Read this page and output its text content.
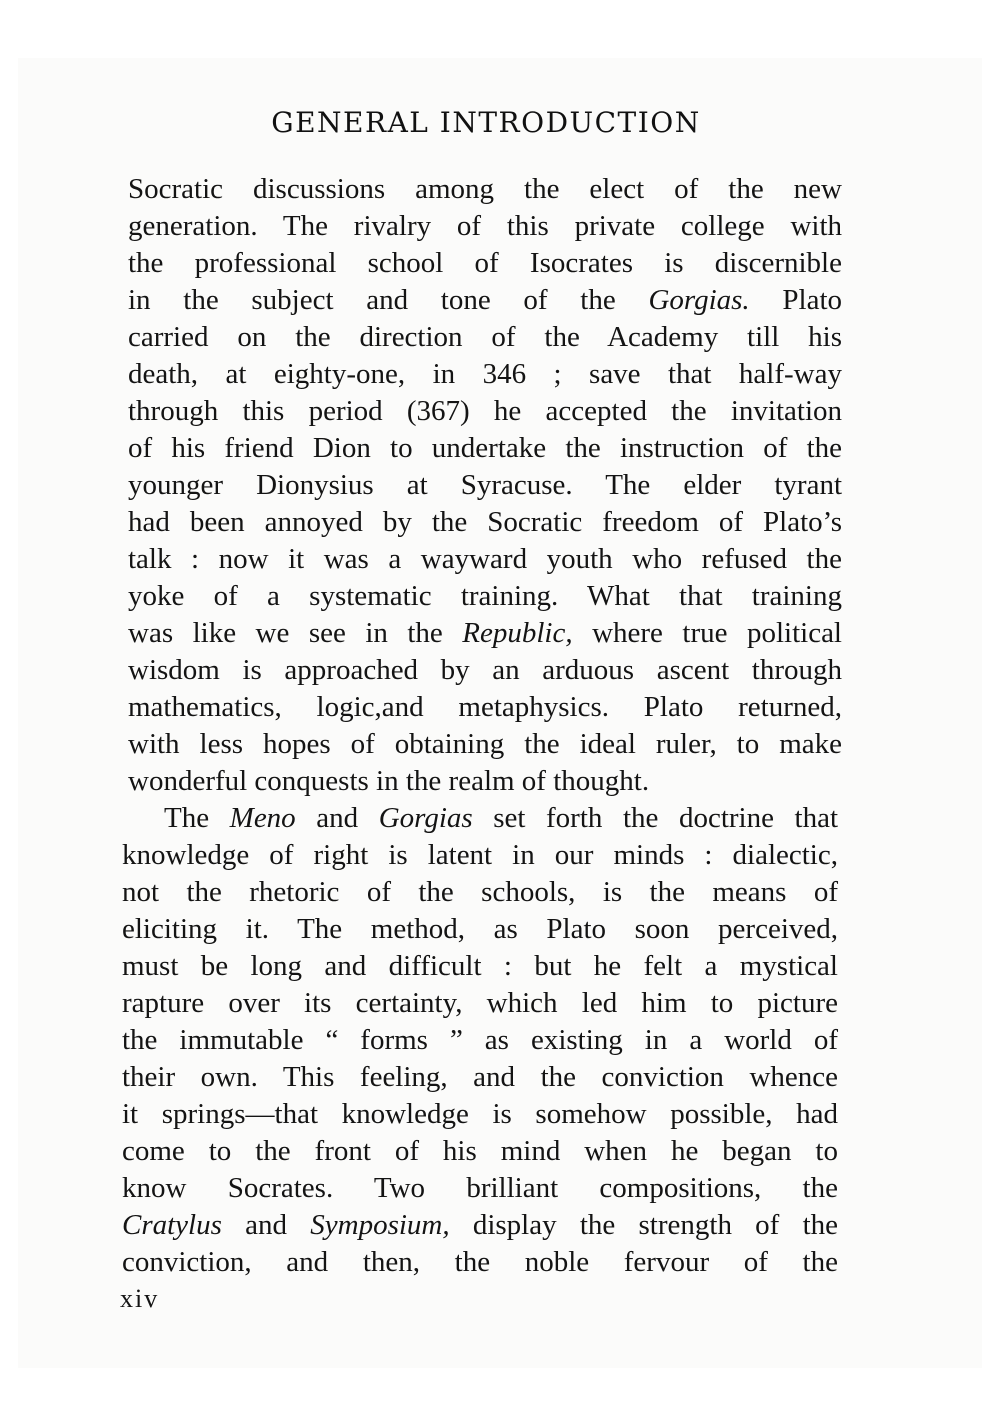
GENERAL INTRODUCTION
Socratic discussions among the elect of the new
generation. The rivalry of this private college with
the professional school of Isocrates is discernible
in the subject and tone of the Gorgias. Plato
carried on the direction of the Academy till his
death, at eighty-one, in 346 ; save that half-way
through this period (367) he accepted the invitation
of his friend Dion to undertake the instruction of the
younger Dionysius at Syracuse. The elder tyrant
had been annoyed by the Socratic freedom of Plato’s
talk : now it was a wayward youth who refused the
yoke of a systematic training. What that training
was like we see in the Republic, where true political
wisdom is approached by an arduous ascent through
mathematics, logic,and metaphysics. Plato returned,
with less hopes of obtaining the ideal ruler, to make
wonderful conquests in the realm of thought.
The Meno and Gorgias set forth the doctrine that
knowledge of right is latent in our minds : dialectic,
not the rhetoric of the schools, is the means of
eliciting it. The method, as Plato soon perceived,
must be long and difficult : but he felt a mystical
rapture over its certainty, which led him to picture
the immutable “ forms ” as existing in a world of
their own. This feeling, and the conviction whence
it springs—that knowledge is somehow possible, had
come to the front of his mind when he began to
know Socrates. Two brilliant compositions, the
Cratylus and Symposium, display the strength of the
conviction, and then, the noble fervour of the
xiv
